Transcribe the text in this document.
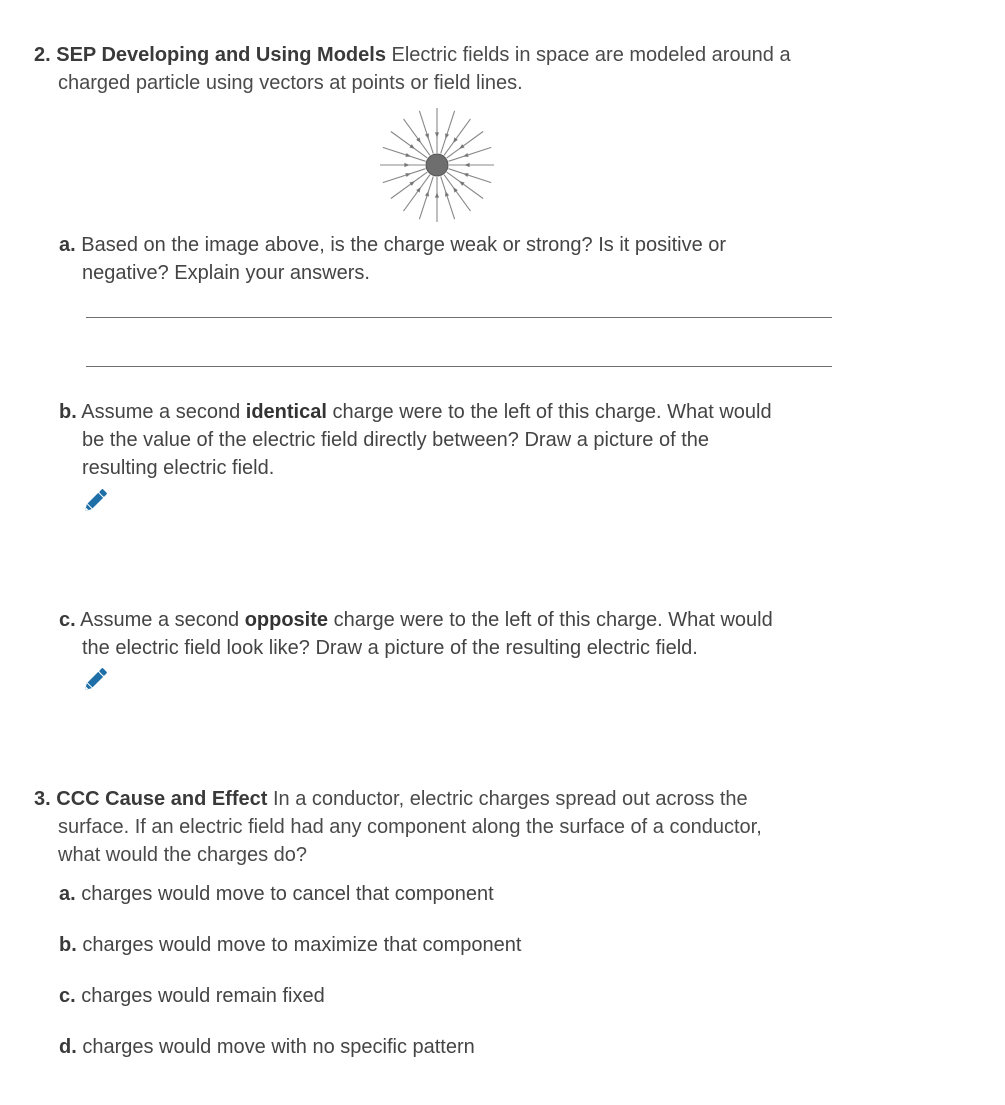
2. SEP Developing and Using Models Electric fields in space are modeled around a
charged particle using vectors at points or field lines.
a. Based on the image above, is the charge weak or strong? Is it positive or
negative? Explain your answers.
b. Assume a second identical charge were to the left of this charge. What would
be the value of the electric field directly between? Draw a picture of the
resulting electric field.
c. Assume a second opposite charge were to the left of this charge. What would
the electric field look like? Draw a picture of the resulting electric field.
3. CCC Cause and Effect In a conductor, electric charges spread out across the
surface. If an electric field had any component along the surface of a conductor,
what would the charges do?
a. charges would move to cancel that component
b. charges would move to maximize that component
c. charges would remain fixed
d. charges would move with no specific pattern
